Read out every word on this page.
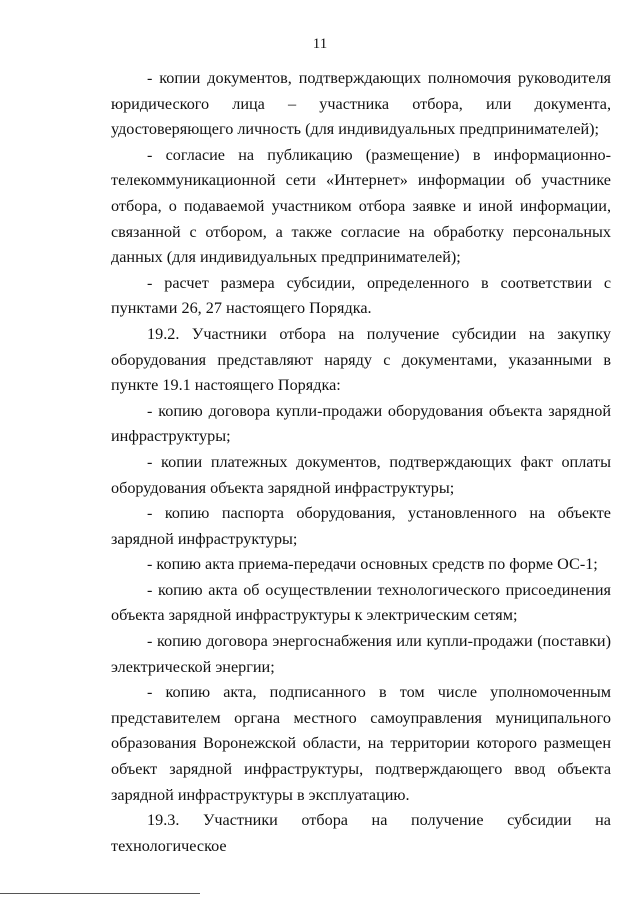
11

- копии документов, подтверждающих полномочия руководителя юридического лица – участника отбора, или документа, удостоверяющего личность (для индивидуальных предпринимателей);

- согласие на публикацию (размещение) в информационно-телекоммуникационной сети «Интернет» информации об участнике отбора, о подаваемой участником отбора заявке и иной информации, связанной с отбором, а также согласие на обработку персональных данных (для индивидуальных предпринимателей);

- расчет размера субсидии, определенного в соответствии с пунктами 26, 27 настоящего Порядка.

19.2. Участники отбора на получение субсидии на закупку оборудования представляют наряду с документами, указанными в пункте 19.1 настоящего Порядка:

- копию договора купли-продажи оборудования объекта зарядной инфраструктуры;

- копии платежных документов, подтверждающих факт оплаты оборудования объекта зарядной инфраструктуры;

- копию паспорта оборудования, установленного на объекте зарядной инфраструктуры;

- копию акта приема-передачи основных средств по форме ОС-1;

- копию акта об осуществлении технологического присоединения объекта зарядной инфраструктуры к электрическим сетям;

- копию договора энергоснабжения или купли-продажи (поставки) электрической энергии;

- копию акта, подписанного в том числе уполномоченным представителем органа местного самоуправления муниципального образования Воронежской области, на территории которого размещен объект зарядной инфраструктуры, подтверждающего ввод объекта зарядной инфраструктуры в эксплуатацию.

19.3. Участники отбора на получение субсидии на технологическое
